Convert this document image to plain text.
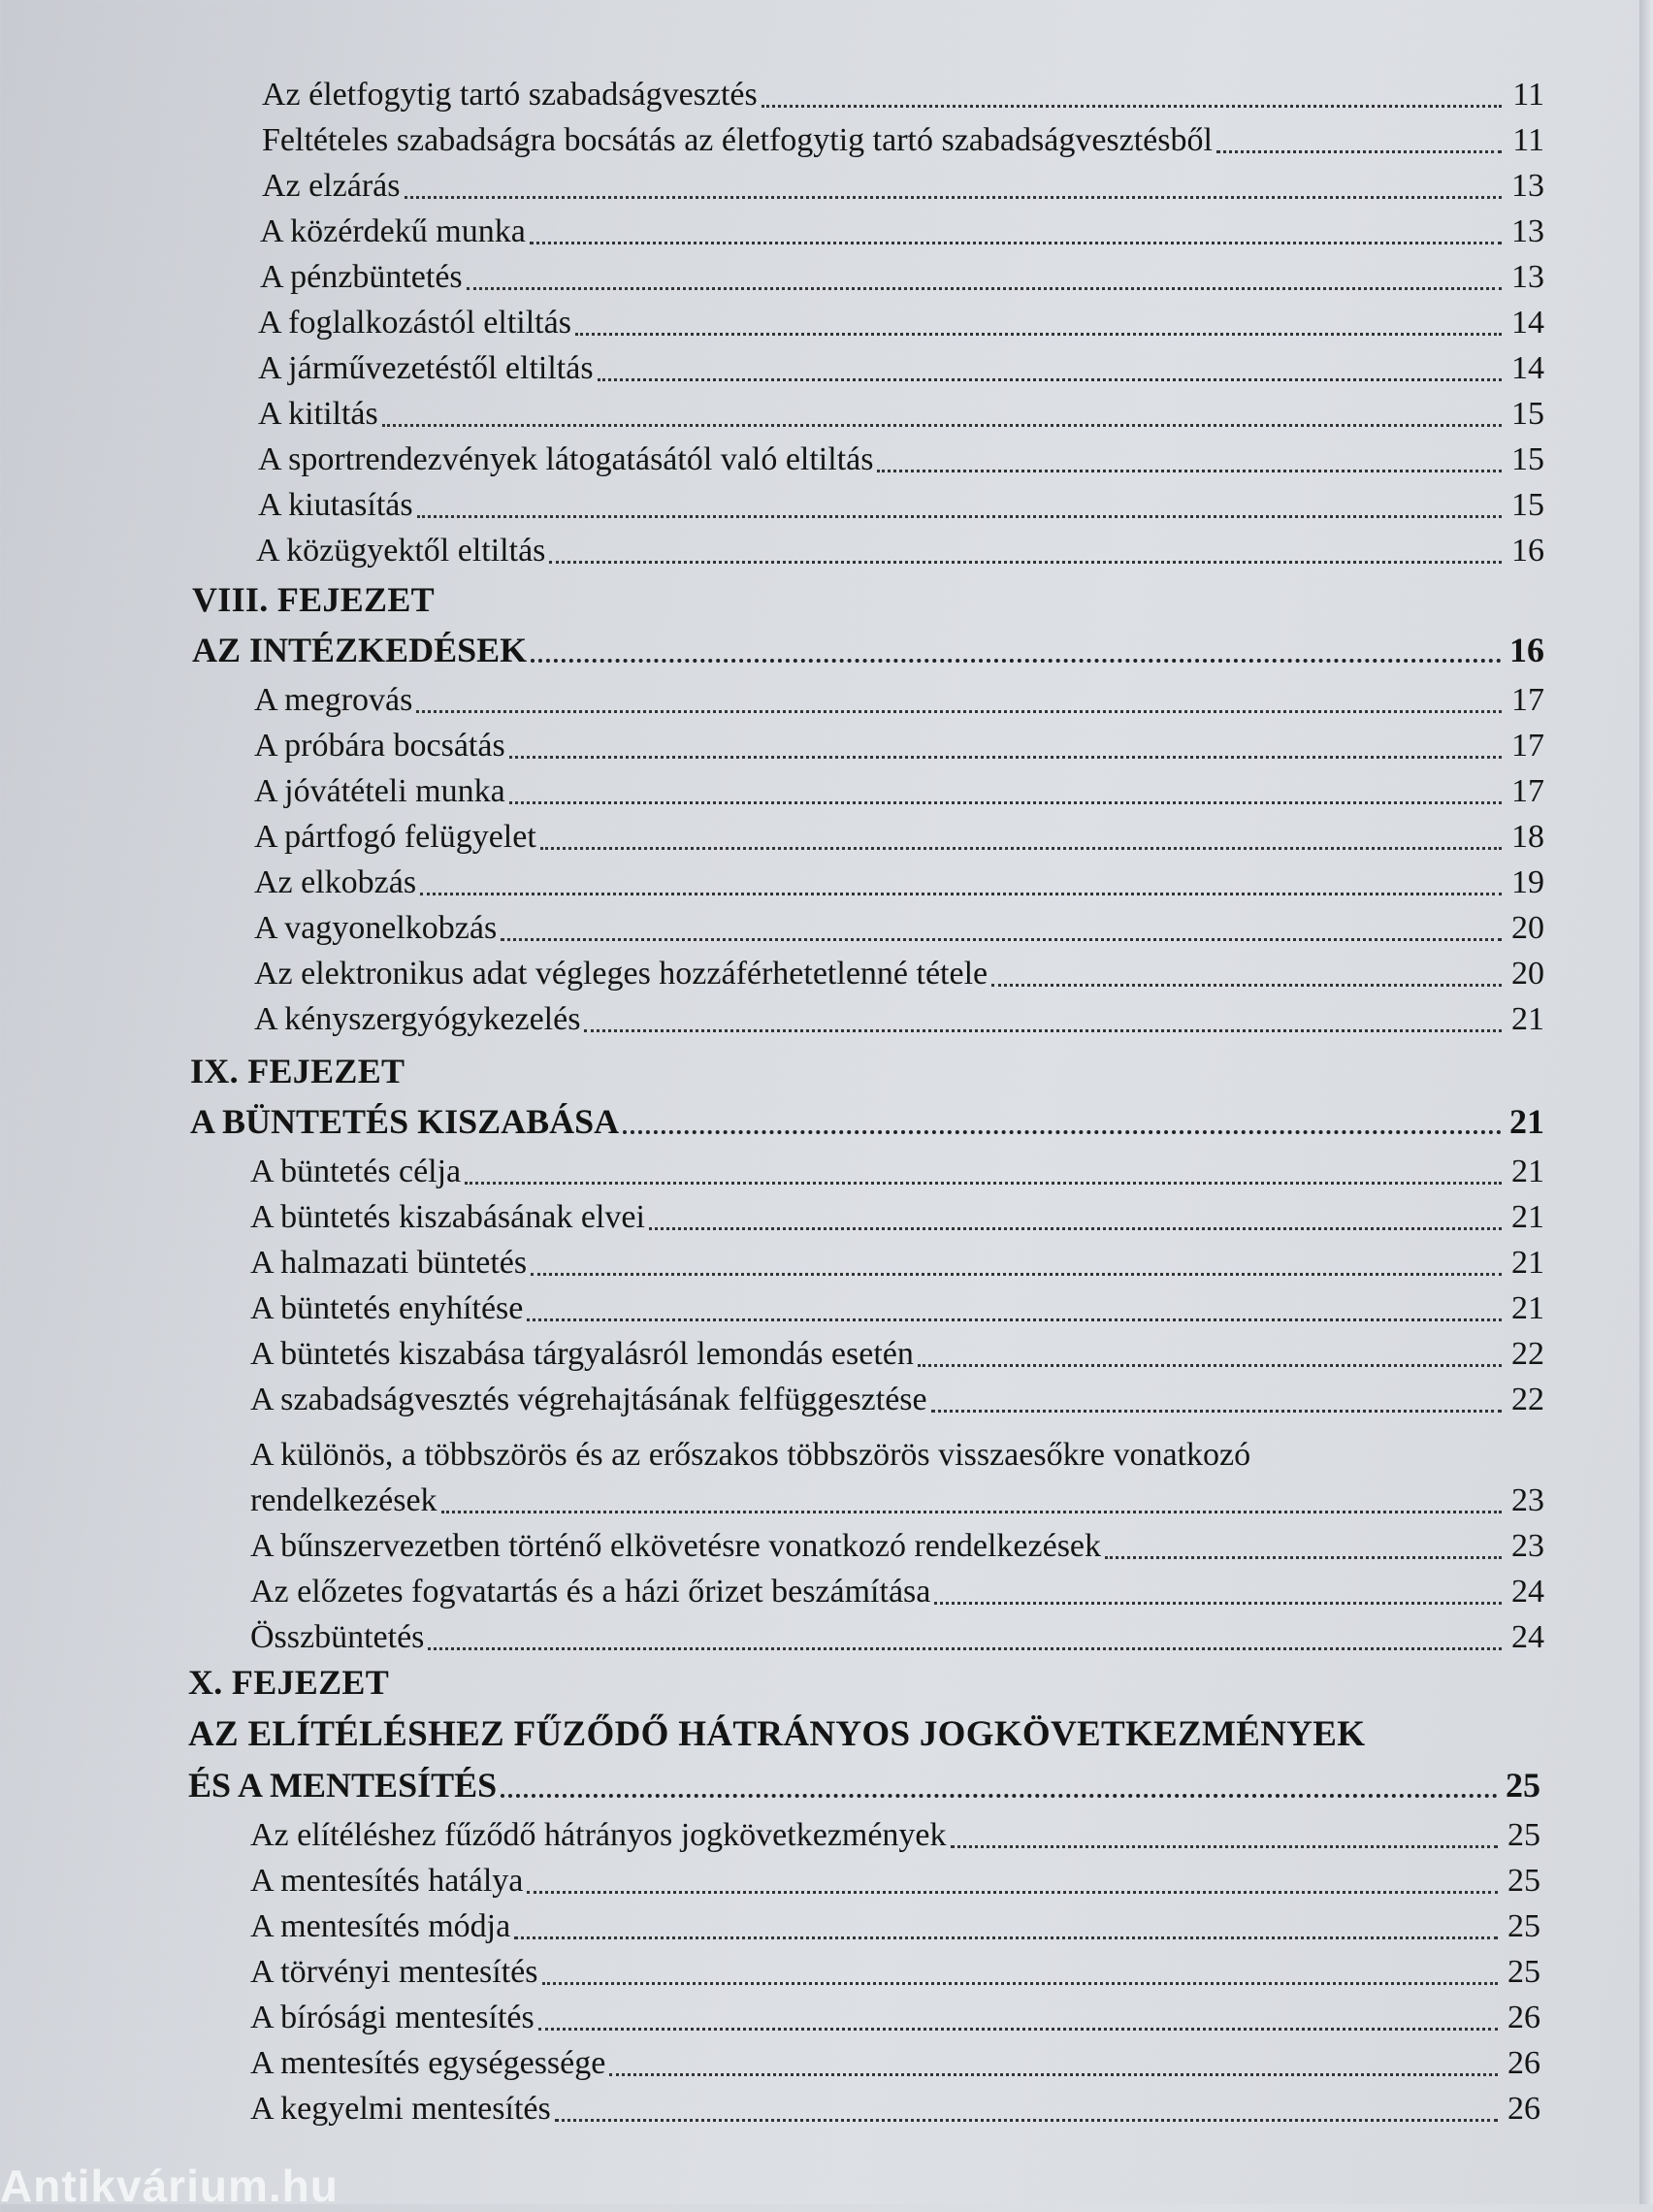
Az életfogytig tartó szabadságvesztés	11
Feltételes szabadságra bocsátás az életfogytig tartó szabadságvesztésből	11
Az elzárás	13
A közérdekű munka	13
A pénzbüntetés	13
A foglalkozástól eltiltás	14
A járművezetéstől eltiltás	14
A kitiltás	15
A sportrendezvények látogatásától való eltiltás	15
A kiutasítás	15
A közügyektől eltiltás	16
VIII. FEJEZET
AZ INTÉZKEDÉSEK	16
A megrovás	17
A próbára bocsátás	17
A jóvátételi munka	17
A pártfogó felügyelet	18
Az elkobzás	19
A vagyonelkobzás	20
Az elektronikus adat végleges hozzáférhetetlenné tétele	20
A kényszergyógykezelés	21
IX. FEJEZET
A BÜNTETÉS KISZABÁSA	21
A büntetés célja	21
A büntetés kiszabásának elvei	21
A halmazati büntetés	21
A büntetés enyhítése	21
A büntetés kiszabása tárgyalásról lemondás esetén	22
A szabadságvesztés végrehajtásának felfüggesztése	22
A különös, a többszörös és az erőszakos többszörös visszaesőkre vonatkozó
rendelkezések	23
A bűnszervezetben történő elkövetésre vonatkozó rendelkezések	23
Az előzetes fogvatartás és a házi őrizet beszámítása	24
Összbüntetés	24
X. FEJEZET
AZ ELÍTÉLÉSHEZ FŰZŐDŐ HÁTRÁNYOS JOGKÖVETKEZMÉNYEK
ÉS A MENTESÍTÉS	25
Az elítéléshez fűződő hátrányos jogkövetkezmények	25
A mentesítés hatálya	25
A mentesítés módja	25
A törvényi mentesítés	25
A bírósági mentesítés	26
A mentesítés egységessége	26
A kegyelmi mentesítés	26
Antikvárium.hu
